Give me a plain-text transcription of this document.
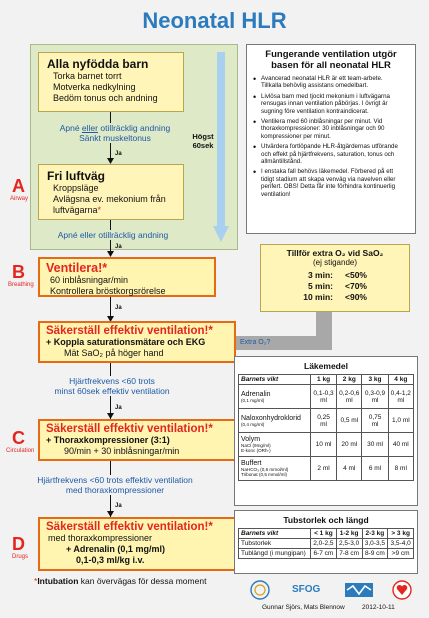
Neonatal HLR
Högst
60sek
Alla nyfödda barn
Torka barnet torrt
Motverka nedkylning
Bedöm tonus och andning
Apné eller otillräcklig andning
Sänkt muskeltonus
Ja
Fri luftväg
Kroppsläge
Avlägsna ev. mekonium från
luftvägarna*
A
Airway
Apné eller otillräcklig andning
Ja
Ventilera!*
60 inblåsningar/min
Kontrollera bröstkorgsrörelse
B
Breathing
Ja
Säkerställ effektiv ventilation!*
+ Koppla saturationsmätare och EKG
Mät SaO₂ på höger hand
Extra O₂?
Hjärtfrekvens <60 trots
minst 60sek effektiv ventilation
Ja
Säkerställ effektiv ventilation!*
+ Thoraxkompressioner (3:1)
90/min + 30 inblåsningar/min
C
Circulation
Hjärtfrekvens <60 trots effektiv ventilation
med thoraxkompressioner
Ja
Säkerställ effektiv ventilation!*
med thoraxkompressioner
+ Adrenalin (0,1 mg/ml)
0,1-0,3 ml/kg i.v.
D
Drugs
*Intubation kan övervägas för dessa moment
Fungerande ventilation utgör
basen för all neonatal HLR
• Avancerad neonatal HLR är ett team-arbete.
Tillkalla behövlig assistans omedelbart.
• Livlösa barn med tjockt mekonium i luftvägarna
rensugas innan ventilation påbörjas. I övrigt är
sugning före ventilation kontraindicerat.
• Ventilera med 60 inblåsningar per minut. Vid
thoraxkompressioner: 30 inblåsningar och 90
kompressioner per minut.
• Utvärdera fortlöpande HLR-åtgärdernas utförande
och effekt på hjärtfrekvens, saturation, tonus och
allmäntillstånd.
• I enstaka fall behövs läkemedel. Förbered på ett
tidigt stadium att skapa venväg via navelven eller
perifert. OBS! Detta får inte förhindra kontinuerlig
ventilation!
Tillför extra O₂ vid SaO₂
(ej stigande)
3 min: <50%
5 min: <70%
10 min: <90%
Läkemedel
Barnets vikt	1 kg	2 kg	3 kg	4 kg

Adrenalin
(0,1 mg/ml)	0,1-0,3 ml	0,2-0,6 ml	0,3-0,9 ml	0,4-1,2 ml

Naloxonhydroklorid
(0,4 mg/ml)	0,25 ml	0,5 ml	0,75 ml	1,0 ml

Volym
NaCl (9mg/ml)
E-konc (ORh-)	10 ml	20 ml	30 ml	40 ml

Buffert
NaHCO₃ (0,6 mmol/ml)
Tribonat (0,5 mmol/ml)	2 ml	4 ml	6 ml	8 ml
Tubstorlek och längd
Barnets vikt	< 1 kg	1-2 kg	2-3 kg	> 3 kg
Tubstorlek	2,0-2,5	2,5-3,0	3,0-3,5	3,5-4,0
Tublängd (i mungipan)	6-7 cm	7-8 cm	8-9 cm	>9 cm
SFOG
Gunnar Sjörs, Mats Blennow	2012-10-11
